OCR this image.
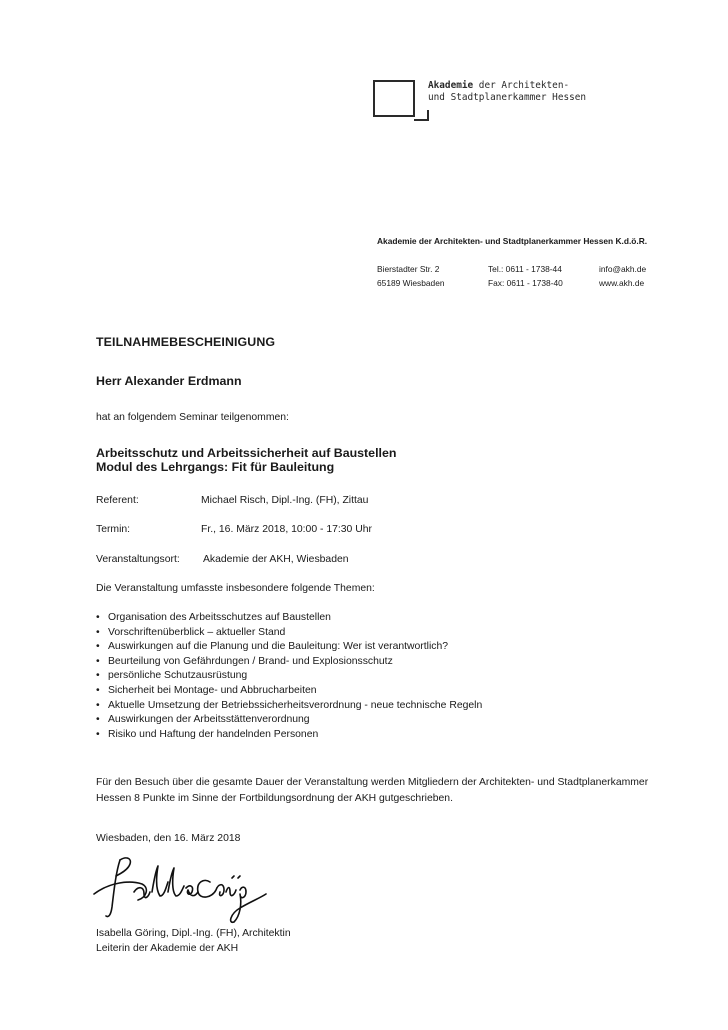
Akademie der Architekten-
und Stadtplanerkammer Hessen
Akademie der Architekten- und Stadtplanerkammer Hessen K.d.ö.R.
Bierstadter Str. 2
65189 Wiesbaden
Tel.: 0611 - 1738-44
Fax: 0611 - 1738-40
info@akh.de
www.akh.de
TEILNAHMEBESCHEINIGUNG
Herr Alexander Erdmann
hat an folgendem Seminar teilgenommen:
Arbeitsschutz und Arbeitssicherheit auf Baustellen
Modul des Lehrgangs: Fit für Bauleitung
Referent:	Michael Risch, Dipl.-Ing. (FH), Zittau
Termin:	Fr., 16. März 2018, 10:00 - 17:30 Uhr
Veranstaltungsort: Akademie der AKH, Wiesbaden
Die Veranstaltung umfasste insbesondere folgende Themen:
• Organisation des Arbeitsschutzes auf Baustellen
• Vorschriftenüberblick – aktueller Stand
• Auswirkungen auf die Planung und die Bauleitung: Wer ist verantwortlich?
• Beurteilung von Gefährdungen / Brand- und Explosionsschutz
• persönliche Schutzausrüstung
• Sicherheit bei Montage- und Abbrucharbeiten
• Aktuelle Umsetzung der Betriebssicherheitsverordnung - neue technische Regeln
• Auswirkungen der Arbeitsstättenverordnung
• Risiko und Haftung der handelnden Personen
Für den Besuch über die gesamte Dauer der Veranstaltung werden Mitgliedern der Architekten- und Stadtplanerkammer Hessen 8 Punkte im Sinne der Fortbildungsordnung der AKH gutgeschrieben.
Wiesbaden, den 16. März 2018
Isabella Göring, Dipl.-Ing. (FH), Architektin
Leiterin der Akademie der AKH
